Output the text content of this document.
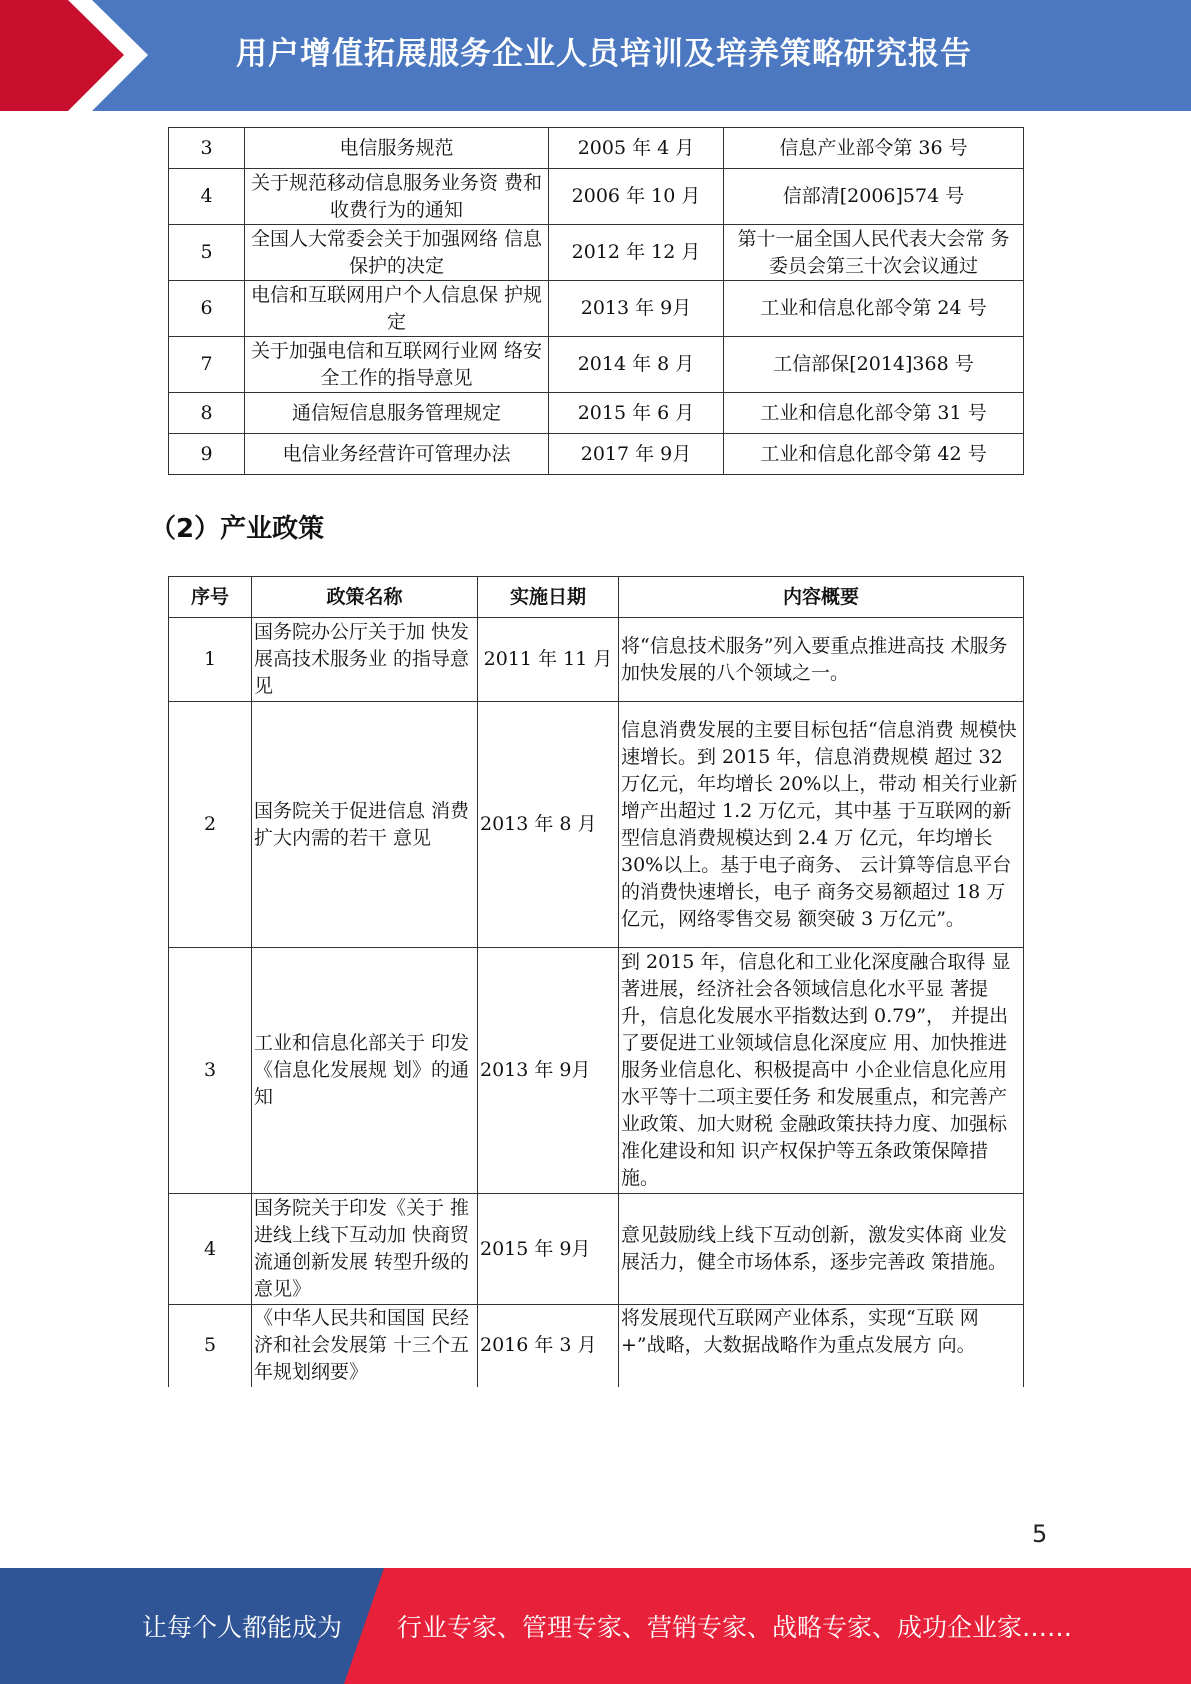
用户增值拓展服务企业人员培训及培养策略研究报告
3	电信服务规范	2005 年 4 月	信息产业部令第 36 号
4	关于规范移动信息服务业务资 费和收费行为的通知	2006 年 10 月	信部清[2006]574 号
5	全国人大常委会关于加强网络 信息保护的决定	2012 年 12 月	第十一届全国人民代表大会常 务委员会第三十次会议通过
6	电信和互联网用户个人信息保 护规定	2013 年 9月	工业和信息化部令第 24 号
7	关于加强电信和互联网行业网 络安全工作的指导意见	2014 年 8 月	工信部保[2014]368 号
8	通信短信息服务管理规定	2015 年 6 月	工业和信息化部令第 31 号
9	电信业务经营许可管理办法	2017 年 9月	工业和信息化部令第 42 号
（2）产业政策
序号	政策名称	实施日期	内容概要
1	国务院办公厅关于加 快发展高技术服务业 的指导意见	2011 年 11 月	将“信息技术服务”列入要重点推进高技 术服务加快发展的八个领域之一。
2	国务院关于促进信息 消费扩大内需的若干 意见	2013 年 8 月	信息消费发展的主要目标包括“信息消费 规模快速增长。到 2015 年，信息消费规模 超过 32 万亿元，年均增长 20%以上，带动 相关行业新增产出超过 1.2 万亿元，其中基 于互联网的新型信息消费规模达到 2.4 万 亿元，年均增长 30%以上。基于电子商务、 云计算等信息平台的消费快速增长，电子 商务交易额超过 18 万亿元，网络零售交易 额突破 3 万亿元”。
3	工业和信息化部关于 印发《信息化发展规 划》的通知	2013 年 9月	到 2015 年，信息化和工业化深度融合取得 显著进展，经济社会各领域信息化水平显 著提升，信息化发展水平指数达到 0.79”， 并提出了要促进工业领域信息化深度应 用、加快推进服务业信息化、积极提高中 小企业信息化应用水平等十二项主要任务 和发展重点，和完善产业政策、加大财税 金融政策扶持力度、加强标准化建设和知 识产权保护等五条政策保障措施。
4	国务院关于印发《关于 推进线上线下互动加 快商贸流通创新发展 转型升级的意见》	2015 年 9月	意见鼓励线上线下互动创新，激发实体商 业发展活力，健全市场体系，逐步完善政 策措施。
5	《中华人民共和国国 民经济和社会发展第 十三个五年规划纲要》	2016 年 3 月	将发展现代互联网产业体系，实现“互联 网+”战略，大数据战略作为重点发展方 向。
5
让每个人都能成为 行业专家、管理专家、营销专家、战略专家、成功企业家……
